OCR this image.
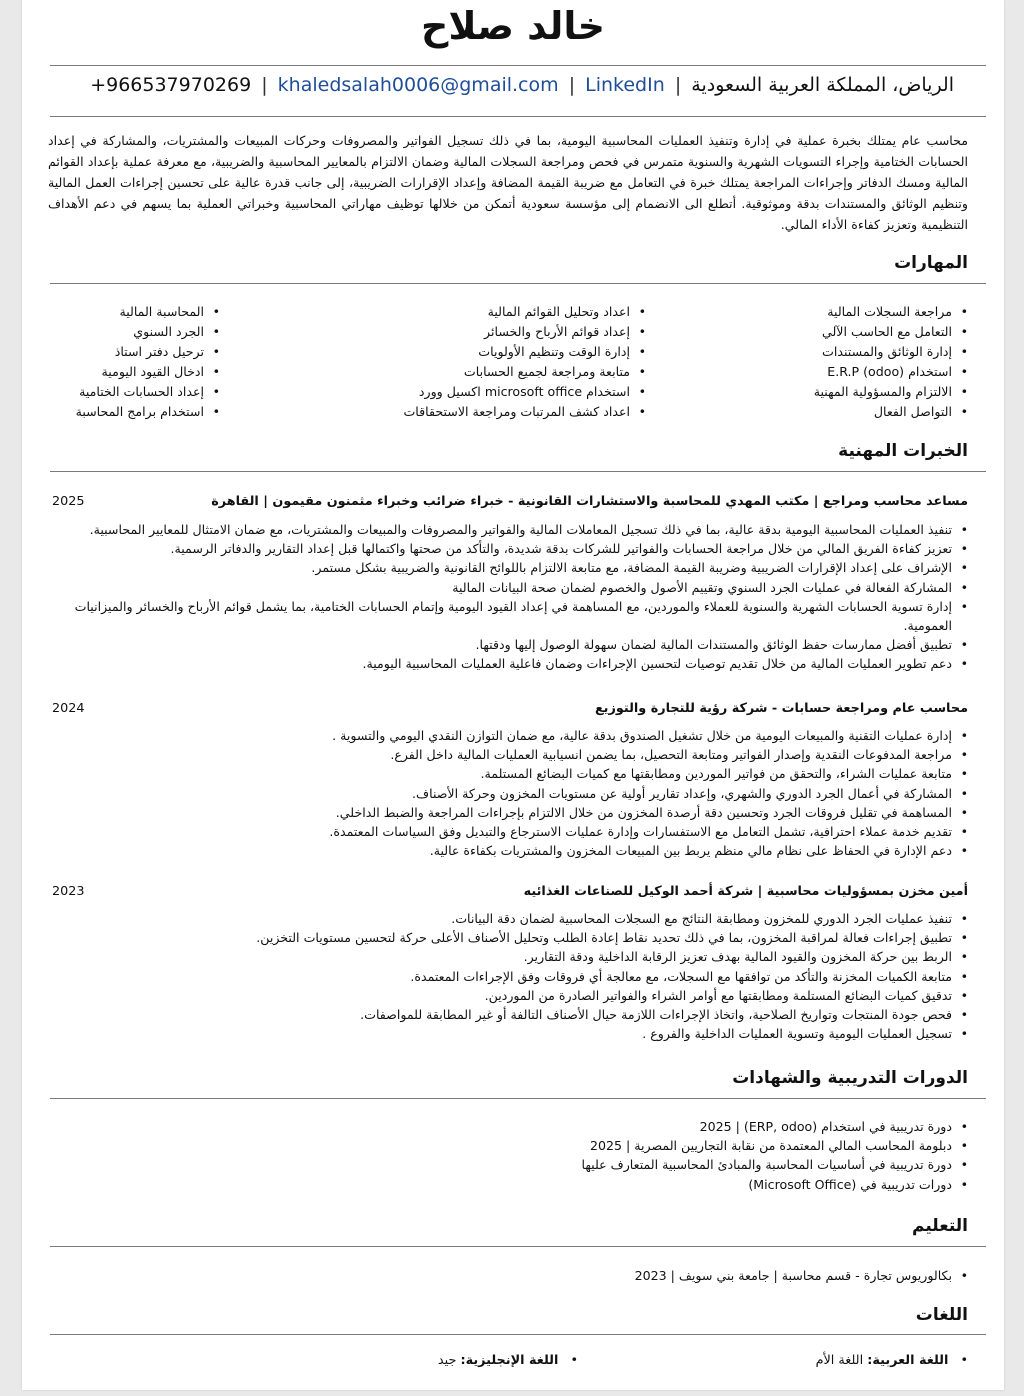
خالد صلاح
+966537970269 | khaledsalah0006@gmail.com | LinkedIn | الرياض، المملكة العربية السعودية
محاسب عام يمتلك بخبرة عملية في إدارة وتنفيذ العمليات المحاسبية اليومية، بما في ذلك تسجيل الفواتير والمصروفات وحركات المبيعات والمشتريات، والمشاركة في إعداد الحسابات الختامية وإجراء التسويات الشهرية والسنوية متمرس في فحص ومراجعة السجلات المالية وضمان الالتزام بالمعايير المحاسبية والضريبية، مع معرفة عملية بإعداد القوائم المالية ومسك الدفاتر وإجراءات المراجعة يمتلك خبرة في التعامل مع ضريبة القيمة المضافة وإعداد الإقرارات الضريبية، إلى جانب قدرة عالية على تحسين إجراءات العمل المالية وتنظيم الوثائق والمستندات بدقة وموثوقية. أتطلع الى الانضمام إلى مؤسسة سعودية أتمكن من خلالها توظيف مهاراتي المحاسبية وخبراتي العملية بما يسهم في دعم الأهداف التنظيمية وتعزيز كفاءة الأداء المالي.
المهارات
• مراجعة السجلات المالية
• التعامل مع الحاسب الآلي
• إدارة الوثائق والمستندات
• استخدام E.R.P (odoo)
• الالتزام والمسؤولية المهنية
• التواصل الفعال
• اعداد وتحليل القوائم المالية
• إعداد قوائم الأرباح والخسائر
• إدارة الوقت وتنظيم الأولويات
• متابعة ومراجعة لجميع الحسابات
• استخدام microsoft office اكسيل وورد
• اعداد كشف المرتبات ومراجعة الاستحقاقات
• المحاسبة المالية
• الجرد السنوي
• ترحيل دفتر استاذ
• ادخال القيود اليومية
• إعداد الحسابات الختامية
• استخدام برامج المحاسبة
الخبرات المهنية
مساعد محاسب ومراجع | مكتب المهدي للمحاسبة والاستشارات القانونية - خبراء ضرائب وخبراء مثمنون مقيمون | القاهرة
2025
• تنفيذ العمليات المحاسبية اليومية بدقة عالية، بما في ذلك تسجيل المعاملات المالية والفواتير والمصروفات والمبيعات والمشتريات، مع ضمان الامتثال للمعايير المحاسبية.
• تعزيز كفاءة الفريق المالي من خلال مراجعة الحسابات والفواتير للشركات بدقة شديدة، والتأكد من صحتها واكتمالها قبل إعداد التقارير والدفاتر الرسمية.
• الإشراف على إعداد الإقرارات الضريبية وضريبة القيمة المضافة، مع متابعة الالتزام باللوائح القانونية والضريبية بشكل مستمر.
• المشاركة الفعالة في عمليات الجرد السنوي وتقييم الأصول والخصوم لضمان صحة البيانات المالية
• إدارة تسوية الحسابات الشهرية والسنوية للعملاء والموردين، مع المساهمة في إعداد القيود اليومية وإتمام الحسابات الختامية، بما يشمل قوائم الأرباح والخسائر والميزانيات العمومية.
• تطبيق أفضل ممارسات حفظ الوثائق والمستندات المالية لضمان سهولة الوصول إليها ودقتها.
• دعم تطوير العمليات المالية من خلال تقديم توصيات لتحسين الإجراءات وضمان فاعلية العمليات المحاسبية اليومية.
محاسب عام ومراجعة حسابات - شركة رؤية للتجارة والتوزيع
2024
• إدارة عمليات التقنية والمبيعات اليومية من خلال تشغيل الصندوق بدقة عالية، مع ضمان التوازن النقدي اليومي والتسوية .
• مراجعة المدفوعات النقدية وإصدار الفواتير ومتابعة التحصيل، بما يضمن انسيابية العمليات المالية داخل الفرع.
• متابعة عمليات الشراء، والتحقق من فواتير الموردين ومطابقتها مع كميات البضائع المستلمة.
• المشاركة في أعمال الجرد الدوري والشهري، وإعداد تقارير أولية عن مستويات المخزون وحركة الأصناف.
• المساهمة في تقليل فروقات الجرد وتحسين دقة أرصدة المخزون من خلال الالتزام بإجراءات المراجعة والضبط الداخلي.
• تقديم خدمة عملاء احترافية، تشمل التعامل مع الاستفسارات وإدارة عمليات الاسترجاع والتبديل وفق السياسات المعتمدة.
• دعم الإدارة في الحفاظ على نظام مالي منظم يربط بين المبيعات المخزون والمشتريات بكفاءة عالية.
أمين مخزن بمسؤوليات محاسبية | شركة أحمد الوكيل للصناعات الغذائيه
2023
• تنفيذ عمليات الجرد الدوري للمخزون ومطابقة النتائج مع السجلات المحاسبية لضمان دقة البيانات.
• تطبيق إجراءات فعالة لمراقبة المخزون، بما في ذلك تحديد نقاط إعادة الطلب وتحليل الأصناف الأعلى حركة لتحسين مستويات التخزين.
• الربط بين حركة المخزون والقيود المالية بهدف تعزيز الرقابة الداخلية ودقة التقارير.
• متابعة الكميات المخزنة والتأكد من توافقها مع السجلات، مع معالجة أي فروقات وفق الإجراءات المعتمدة.
• تدقيق كميات البضائع المستلمة ومطابقتها مع أوامر الشراء والفواتير الصادرة من الموردين.
• فحص جودة المنتجات وتواريخ الصلاحية، واتخاذ الإجراءات اللازمة حيال الأصناف التالفة أو غير المطابقة للمواصفات.
• تسجيل العمليات اليومية وتسوية العمليات الداخلية والفروع .
الدورات التدريبية والشهادات
• دورة تدريبية في استخدام (ERP, odoo) | 2025
• دبلومة المحاسب المالي المعتمدة من نقابة التجاريين المصرية | 2025
• دورة تدريبية في أساسيات المحاسبة والمبادئ المحاسبية المتعارف عليها
• دورات تدريبية في (Microsoft Office)
التعليم
• بكالوريوس تجارة - قسم محاسبة | جامعة بني سويف | 2023
اللغات
• اللغة العربية: اللغة الأم
• اللغة الإنجليزية: جيد
